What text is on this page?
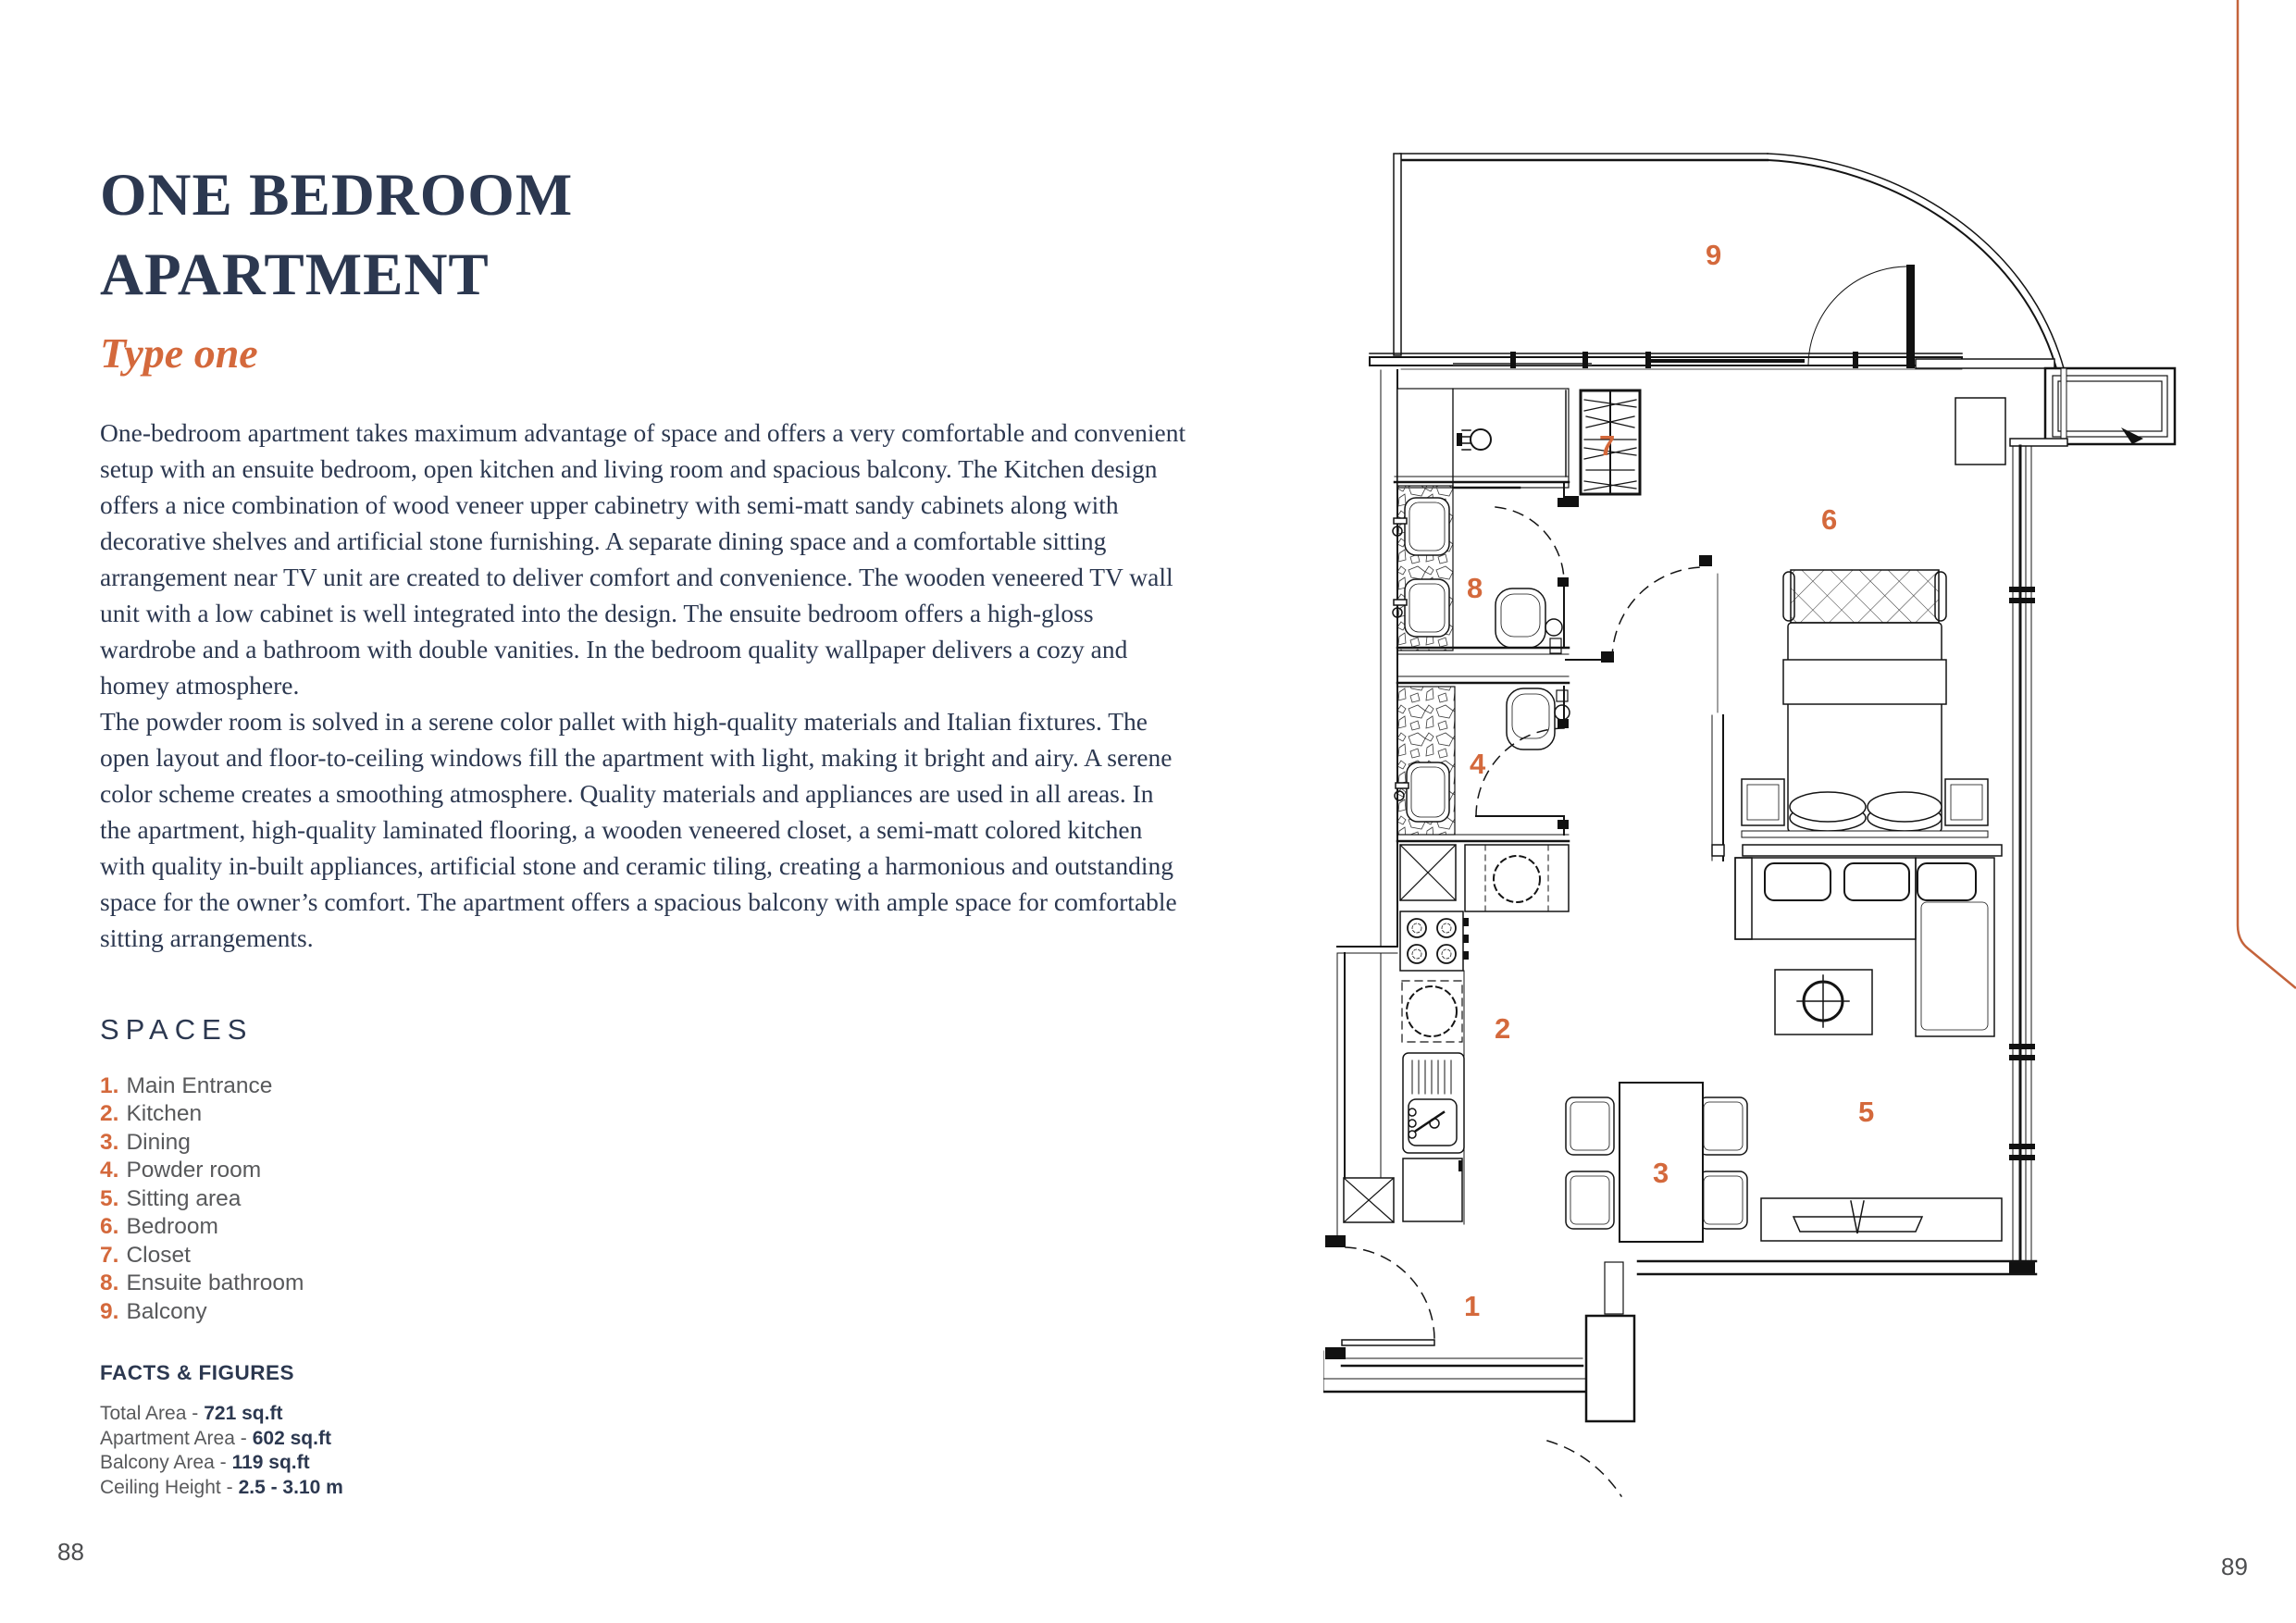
ONE BEDROOM
APARTMENT
Type one

One-bedroom apartment takes maximum advantage of space and offers a very comfortable and convenient setup with an ensuite bedroom, open kitchen and living room and spacious balcony. The Kitchen design offers a nice combination of wood veneer upper cabinetry with semi-matt sandy cabinets along with decorative shelves and artificial stone furnishing. A separate dining space and a comfortable sitting arrangement near TV unit are created to deliver comfort and convenience. The wooden veneered TV wall unit with a low cabinet is well integrated into the design. The ensuite bedroom offers a high-gloss wardrobe and a bathroom with double vanities. In the bedroom quality wallpaper delivers a cozy and homey atmosphere.

The powder room is solved in a serene color pallet with high-quality materials and Italian fixtures. The open layout and floor-to-ceiling windows fill the apartment with light, making it bright and airy. A serene color scheme creates a smoothing atmosphere. Quality materials and appliances are used in all areas. In the apartment, high-quality laminated flooring, a wooden veneered closet, a semi-matt colored kitchen with quality in-built appliances, artificial stone and ceramic tiling, creating a harmonious and outstanding space for the owner’s comfort. The apartment offers a spacious balcony with ample space for comfortable sitting arrangements.

SPACES
1. Main Entrance
2. Kitchen
3. Dining
4. Powder room
5. Sitting area
6. Bedroom
7. Closet
8. Ensuite bathroom
9. Balcony
FACTS & FIGURES
Total Area - 721 sq.ft
Apartment Area - 602 sq.ft
Balcony Area - 119 sq.ft
Ceiling Height - 2.5 - 3.10 m
88
89
1
2
3
4
5
6
7
8
9
